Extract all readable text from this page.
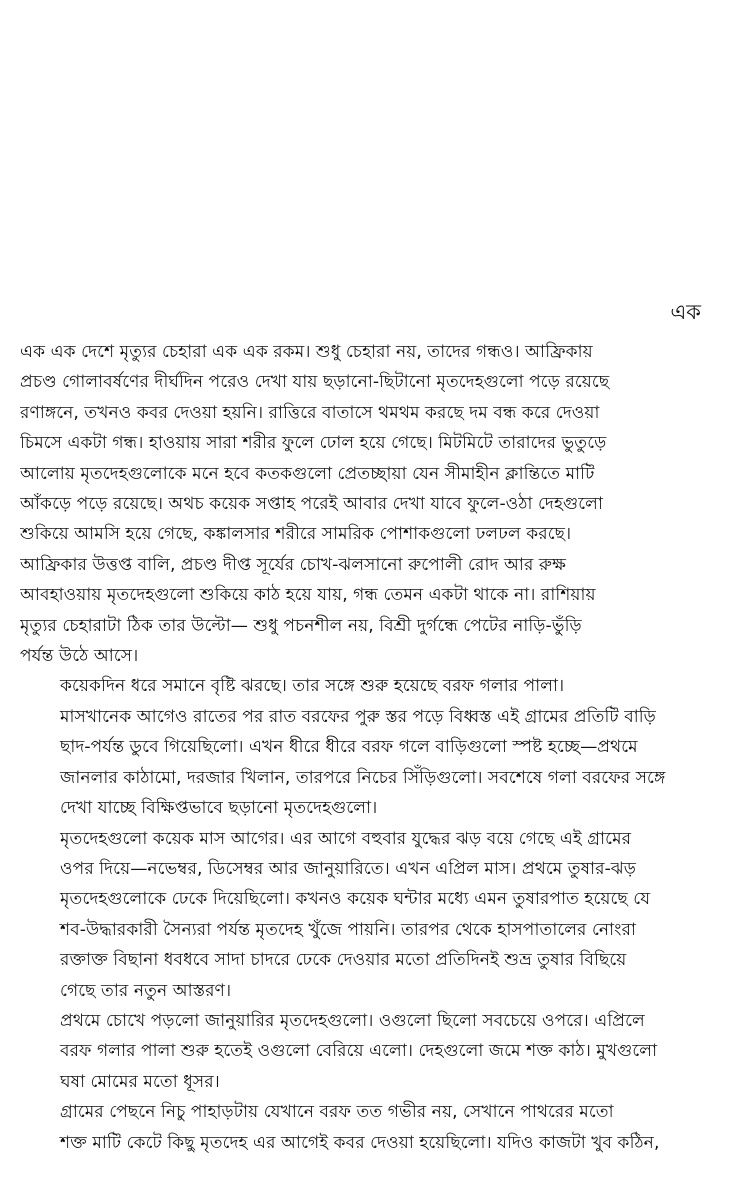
এক
এক এক দেশে মৃত্যুর চেহারা এক এক রকম। শুধু চেহারা নয়, তাদের গন্ধও। আফ্রিকায়
প্রচণ্ড গোলাবর্ষণের দীর্ঘদিন পরেও দেখা যায় ছড়ানো-ছিটানো মৃতদেহগুলো পড়ে রয়েছে
রণাঙ্গনে, তখনও কবর দেওয়া হয়নি। রাত্তিরে বাতাসে থমথম করছে দম বন্ধ করে দেওয়া
চিমসে একটা গন্ধ। হাওয়ায় সারা শরীর ফুলে ঢোল হয়ে গেছে। মিটমিটে তারাদের ভুতুড়ে
আলোয় মৃতদেহগুলোকে মনে হবে কতকগুলো প্রেতচ্ছায়া যেন সীমাহীন ক্লান্তিতে মাটি
আঁকড়ে পড়ে রয়েছে। অথচ কয়েক সপ্তাহ পরেই আবার দেখা যাবে ফুলে-ওঠা দেহগুলো
শুকিয়ে আমসি হয়ে গেছে, কঙ্কালসার শরীরে সামরিক পোশাকগুলো ঢলঢল করছে।
আফ্রিকার উত্তপ্ত বালি, প্রচণ্ড দীপ্ত সূর্যের চোখ-ঝলসানো রুপোলী রোদ আর রুক্ষ
আবহাওয়ায় মৃতদেহগুলো শুকিয়ে কাঠ হয়ে যায়, গন্ধ তেমন একটা থাকে না। রাশিয়ায়
মৃত্যুর চেহারাটা ঠিক তার উল্টো— শুধু পচনশীল নয়, বিশ্রী দুর্গন্ধে পেটের নাড়ি-ভুঁড়ি
পর্যন্ত উঠে আসে।
কয়েকদিন ধরে সমানে বৃষ্টি ঝরছে। তার সঙ্গে শুরু হয়েছে বরফ গলার পালা।
মাসখানেক আগেও রাতের পর রাত বরফের পুরু স্তর পড়ে বিধ্বস্ত এই গ্রামের প্রতিটি বাড়ি
ছাদ-পর্যন্ত ডুবে গিয়েছিলো। এখন ধীরে ধীরে বরফ গলে বাড়িগুলো স্পষ্ট হচ্ছে—প্রথমে
জানলার কাঠামো, দরজার খিলান, তারপরে নিচের সিঁড়িগুলো। সবশেষে গলা বরফের সঙ্গে
দেখা যাচ্ছে বিক্ষিপ্তভাবে ছড়ানো মৃতদেহগুলো।
মৃতদেহগুলো কয়েক মাস আগের। এর আগে বহুবার যুদ্ধের ঝড় বয়ে গেছে এই গ্রামের
ওপর দিয়ে—নভেম্বর, ডিসেম্বর আর জানুয়ারিতে। এখন এপ্রিল মাস। প্রথমে তুষার-ঝড়
মৃতদেহগুলোকে ঢেকে দিয়েছিলো। কখনও কয়েক ঘন্টার মধ্যে এমন তুষারপাত হয়েছে যে
শব-উদ্ধারকারী সৈন্যরা পর্যন্ত মৃতদেহ খুঁজে পায়নি। তারপর থেকে হাসপাতালের নোংরা
রক্তাক্ত বিছানা ধবধবে সাদা চাদরে ঢেকে দেওয়ার মতো প্রতিদিনই শুভ্র তুষার বিছিয়ে
গেছে তার নতুন আস্তরণ।
প্রথমে চোখে পড়লো জানুয়ারির মৃতদেহগুলো। ওগুলো ছিলো সবচেয়ে ওপরে। এপ্রিলে
বরফ গলার পালা শুরু হতেই ওগুলো বেরিয়ে এলো। দেহগুলো জমে শক্ত কাঠ। মুখগুলো
ঘষা মোমের মতো ধূসর।
গ্রামের পেছনে নিচু পাহাড়টায় যেখানে বরফ তত গভীর নয়, সেখানে পাথরের মতো
শক্ত মাটি কেটে কিছু মৃতদেহ এর আগেই কবর দেওয়া হয়েছিলো। যদিও কাজটা খুব কঠিন,
